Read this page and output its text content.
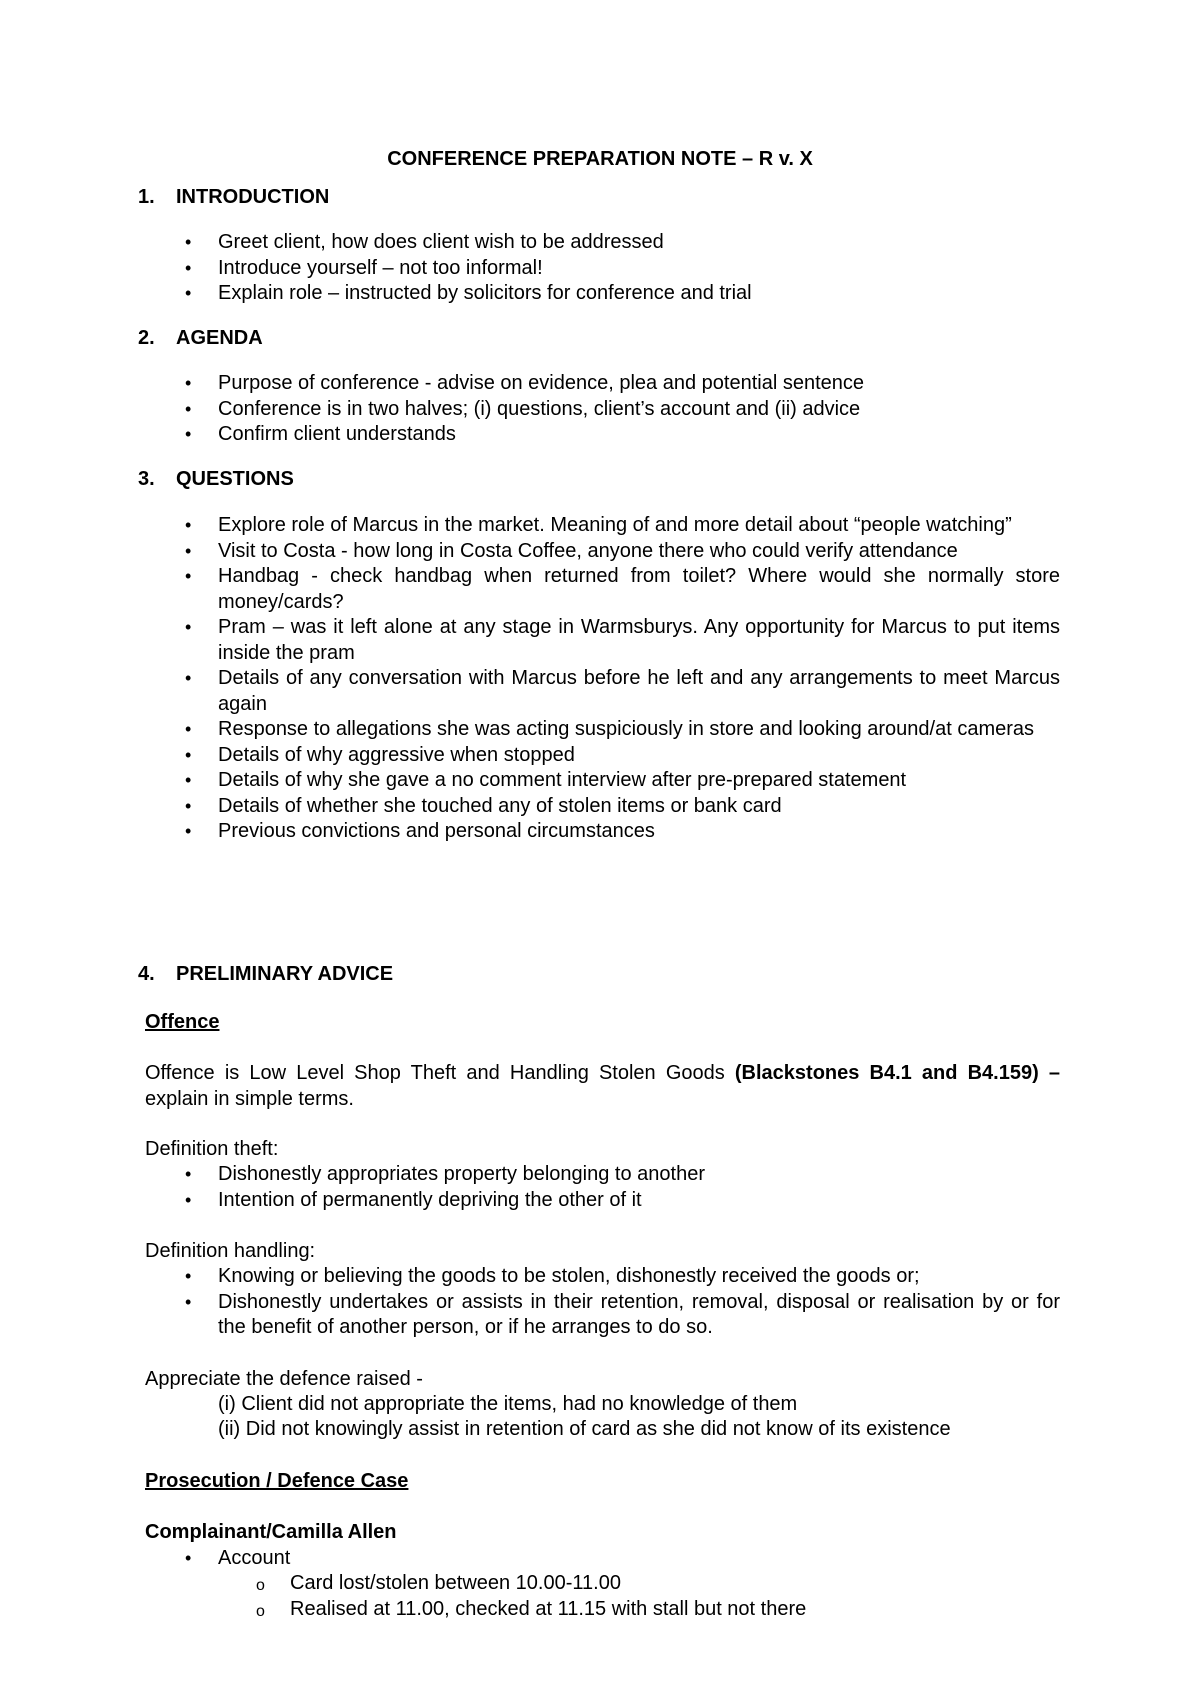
CONFERENCE PREPARATION NOTE – R v. X
1. INTRODUCTION
• Greet client, how does client wish to be addressed
• Introduce yourself – not too informal!
• Explain role – instructed by solicitors for conference and trial
2. AGENDA
• Purpose of conference - advise on evidence, plea and potential sentence
• Conference is in two halves; (i) questions, client’s account and (ii) advice
• Confirm client understands
3. QUESTIONS
• Explore role of Marcus in the market. Meaning of and more detail about “people watching”
• Visit to Costa - how long in Costa Coffee, anyone there who could verify attendance
• Handbag - check handbag when returned from toilet? Where would she normally store money/cards?
• Pram – was it left alone at any stage in Warmsburys. Any opportunity for Marcus to put items inside the pram
• Details of any conversation with Marcus before he left and any arrangements to meet Marcus again
• Response to allegations she was acting suspiciously in store and looking around/at cameras
• Details of why aggressive when stopped
• Details of why she gave a no comment interview after pre-prepared statement
• Details of whether she touched any of stolen items or bank card
• Previous convictions and personal circumstances
4. PRELIMINARY ADVICE
Offence
Offence is Low Level Shop Theft and Handling Stolen Goods (Blackstones B4.1 and B4.159) – explain in simple terms.
Definition theft:
• Dishonestly appropriates property belonging to another
• Intention of permanently depriving the other of it
Definition handling:
• Knowing or believing the goods to be stolen, dishonestly received the goods or;
• Dishonestly undertakes or assists in their retention, removal, disposal or realisation by or for the benefit of another person, or if he arranges to do so.
Appreciate the defence raised -
(i) Client did not appropriate the items, had no knowledge of them
(ii) Did not knowingly assist in retention of card as she did not know of its existence
Prosecution / Defence Case
Complainant/Camilla Allen
• Account
o Card lost/stolen between 10.00-11.00
o Realised at 11.00, checked at 11.15 with stall but not there
